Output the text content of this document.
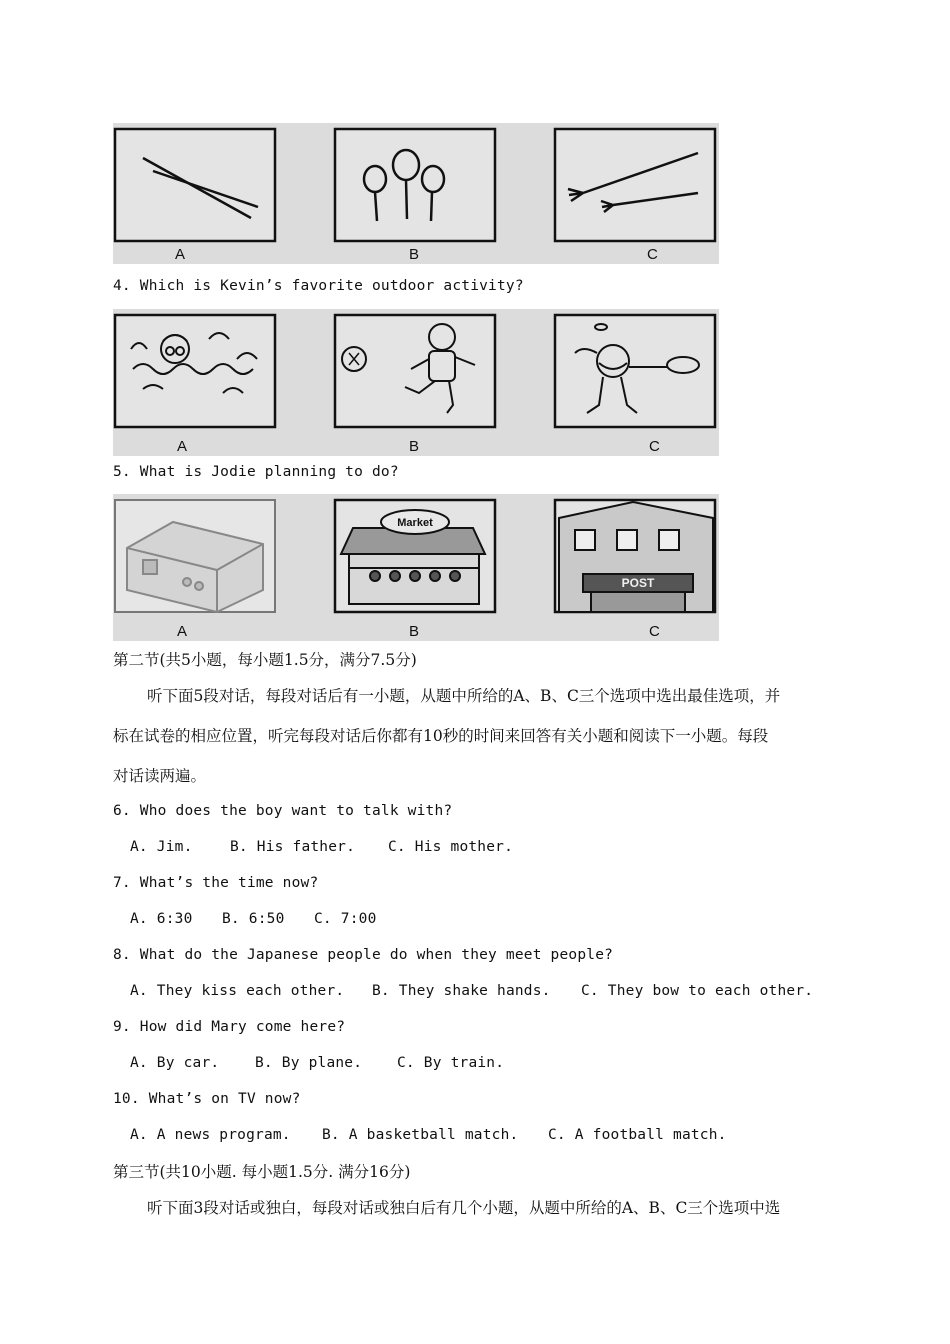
A	B	C
4. Which is Kevin’s favorite outdoor activity?
A	B	C
5. What is Jodie planning to do?
Market
POST
A	B	C
第二节(共5小题，每小题1.5分，满分7.5分)
听下面5段对话，每段对话后有一小题，从题中所给的A、B、C三个选项中选出最佳选项，并
标在试卷的相应位置，听完每段对话后你都有10秒的时间来回答有关小题和阅读下一小题。每段
对话读两遍。
6. Who does the boy want to talk with?
A. Jim.	B. His father. C. His mother.
7. What’s the time now?
A. 6:30 B. 6:50 C. 7:00
8. What do the Japanese people do when they meet people?
A. They kiss each other. B. They shake hands. C. They bow to each other.
9. How did Mary come here?
A. By car. B. By plane. C. By train.
10. What’s on TV now?
A. A news program. B. A basketball match. C. A football match.
第三节(共10小题. 每小题1.5分. 满分16分)
听下面3段对话或独白，每段对话或独白后有几个小题，从题中所给的A、B、C三个选项中选
